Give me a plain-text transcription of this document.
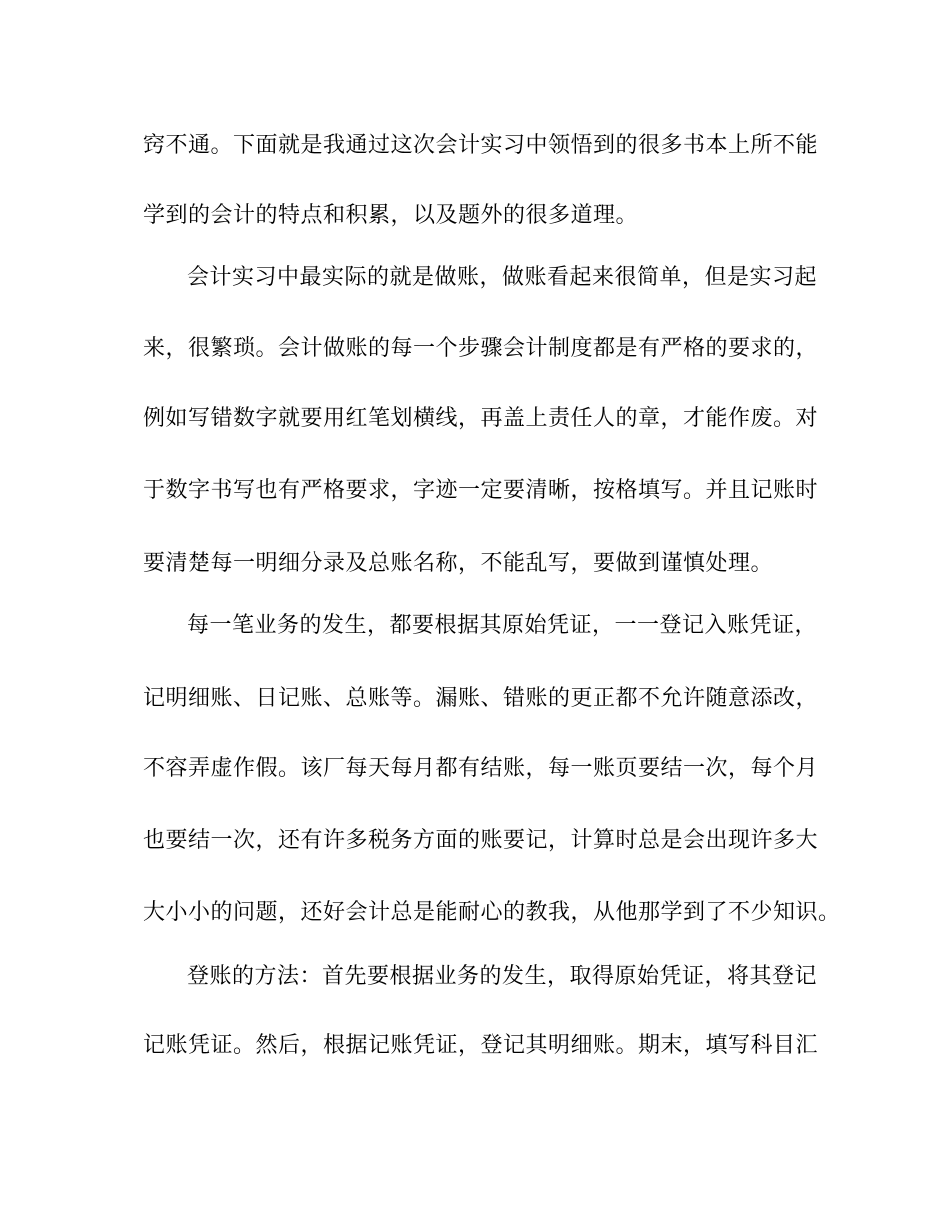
窍不通。下面就是我通过这次会计实习中领悟到的很多书本上所不能
学到的会计的特点和积累，以及题外的很多道理。
会计实习中最实际的就是做账，做账看起来很简单，但是实习起
来，很繁琐。会计做账的每一个步骤会计制度都是有严格的要求的，
例如写错数字就要用红笔划横线，再盖上责任人的章，才能作废。对
于数字书写也有严格要求，字迹一定要清晰，按格填写。并且记账时
要清楚每一明细分录及总账名称，不能乱写，要做到谨慎处理。
每一笔业务的发生，都要根据其原始凭证，一一登记入账凭证，
记明细账、日记账、总账等。漏账、错账的更正都不允许随意添改，
不容弄虚作假。该厂每天每月都有结账，每一账页要结一次，每个月
也要结一次，还有许多税务方面的账要记，计算时总是会出现许多大
大小小的问题，还好会计总是能耐心的教我，从他那学到了不少知识。
登账的方法：首先要根据业务的发生，取得原始凭证，将其登记
记账凭证。然后，根据记账凭证，登记其明细账。期末，填写科目汇
